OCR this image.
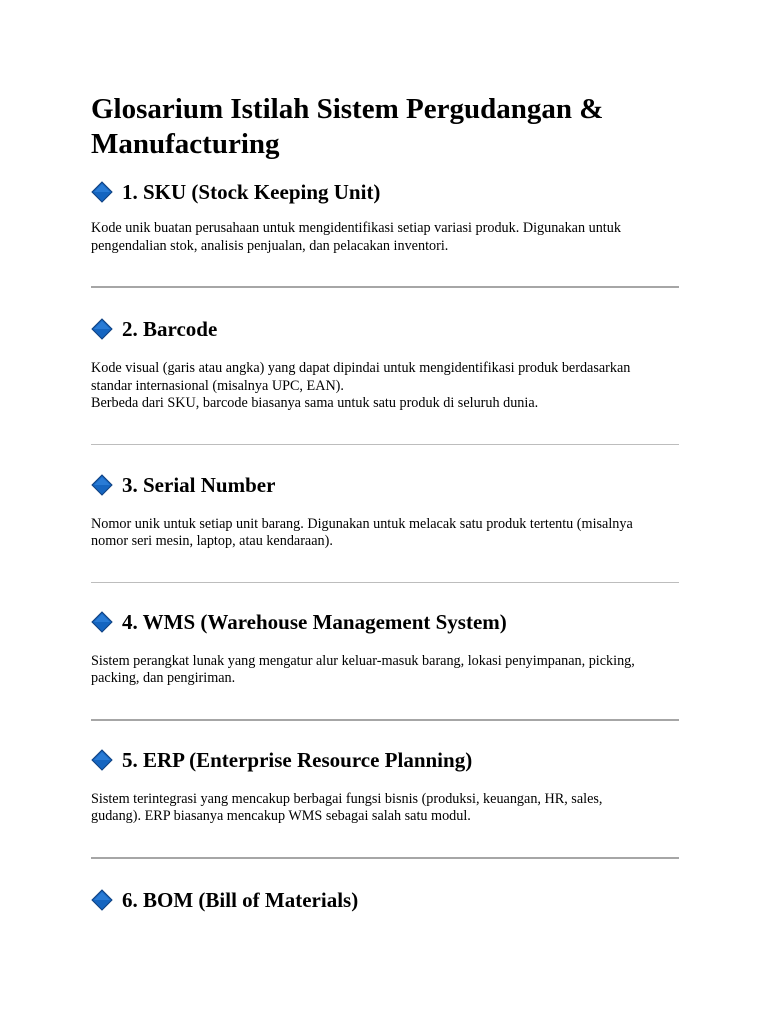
Glosarium Istilah Sistem Pergudangan &
Manufacturing
1. SKU (Stock Keeping Unit)

Kode unik buatan perusahaan untuk mengidentifikasi setiap variasi produk. Digunakan untuk
pengendalian stok, analisis penjualan, dan pelacakan inventori.

2. Barcode

Kode visual (garis atau angka) yang dapat dipindai untuk mengidentifikasi produk berdasarkan
standar internasional (misalnya UPC, EAN).
Berbeda dari SKU, barcode biasanya sama untuk satu produk di seluruh dunia.

3. Serial Number

Nomor unik untuk setiap unit barang. Digunakan untuk melacak satu produk tertentu (misalnya
nomor seri mesin, laptop, atau kendaraan).

4. WMS (Warehouse Management System)

Sistem perangkat lunak yang mengatur alur keluar-masuk barang, lokasi penyimpanan, picking,
packing, dan pengiriman.

5. ERP (Enterprise Resource Planning)

Sistem terintegrasi yang mencakup berbagai fungsi bisnis (produksi, keuangan, HR, sales,
gudang). ERP biasanya mencakup WMS sebagai salah satu modul.

6. BOM (Bill of Materials)
